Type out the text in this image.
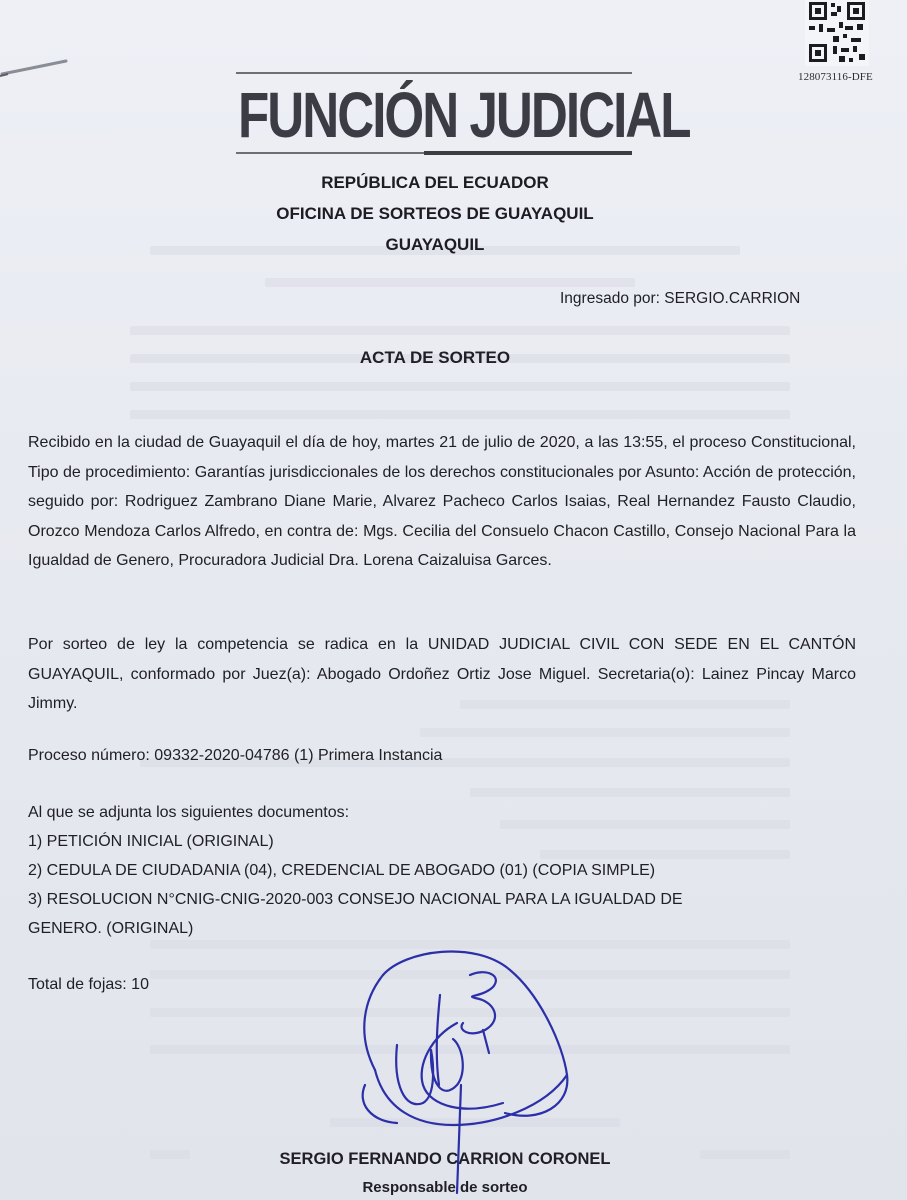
128073116-DFE
FUNCIÓN JUDICIAL
REPÚBLICA DEL ECUADOR
OFICINA DE SORTEOS DE GUAYAQUIL
GUAYAQUIL
Ingresado por: SERGIO.CARRION
ACTA DE SORTEO
Recibido en la ciudad de Guayaquil el día de hoy, martes 21 de julio de 2020, a las 13:55, el proceso Constitucional, Tipo de procedimiento: Garantías jurisdiccionales de los derechos constitucionales por Asunto: Acción de protección, seguido por: Rodriguez Zambrano Diane Marie, Alvarez Pacheco Carlos Isaias, Real Hernandez Fausto Claudio, Orozco Mendoza Carlos Alfredo, en contra de: Mgs. Cecilia del Consuelo Chacon Castillo, Consejo Nacional Para la Igualdad de Genero, Procuradora Judicial Dra. Lorena Caizaluisa Garces.
Por sorteo de ley la competencia se radica en la UNIDAD JUDICIAL CIVIL CON SEDE EN EL CANTÓN GUAYAQUIL, conformado por Juez(a): Abogado Ordoñez Ortiz Jose Miguel. Secretaria(o): Lainez Pincay Marco Jimmy.
Proceso número: 09332-2020-04786 (1) Primera Instancia
Al que se adjunta los siguientes documentos:
1) PETICIÓN INICIAL (ORIGINAL)
2) CEDULA DE CIUDADANIA (04), CREDENCIAL DE ABOGADO (01) (COPIA SIMPLE)
3) RESOLUCION N°CNIG-CNIG-2020-003 CONSEJO NACIONAL PARA LA IGUALDAD DE
GENERO. (ORIGINAL)
Total de fojas: 10
SERGIO FERNANDO CARRION CORONEL
Responsable de sorteo
